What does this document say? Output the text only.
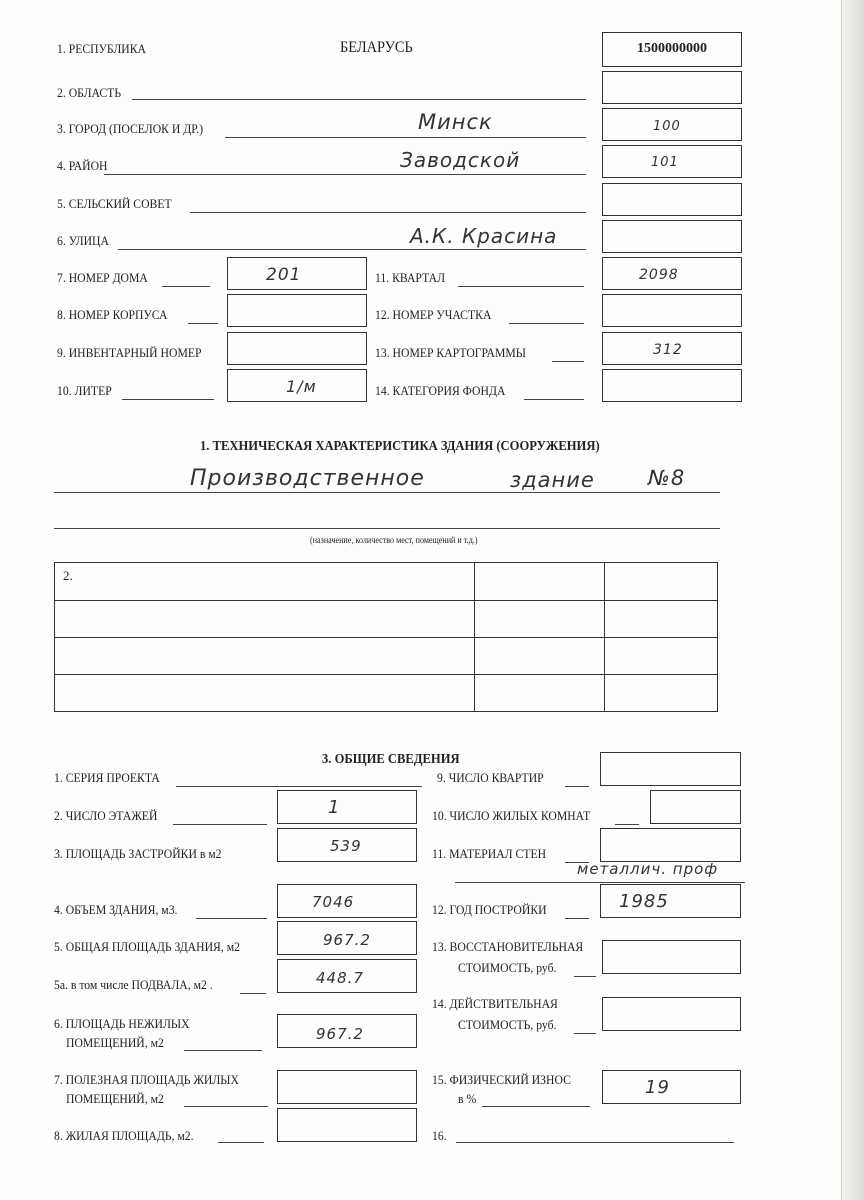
1. РЕСПУБЛИКА	БЕЛАРУСЬ	1500000000
2. ОБЛАСТЬ
3. ГОРОД (ПОСЕЛОК И ДР.)	Минск	100
4. РАЙОН	Заводской	101
5. СЕЛЬСКИЙ СОВЕТ
6. УЛИЦА	А.К. Красина
7. НОМЕР ДОМА	201	11. КВАРТАЛ	2098
8. НОМЕР КОРПУСА	12. НОМЕР УЧАСТКА
9. ИНВЕНТАРНЫЙ НОМЕР	13. НОМЕР КАРТОГРАММЫ	312
10. ЛИТЕР	1/м	14. КАТЕГОРИЯ ФОНДА
1. ТЕХНИЧЕСКАЯ ХАРАКТЕРИСТИКА ЗДАНИЯ (СООРУЖЕНИЯ)
Производственное	здание	№8
(назначение, количество мест, помещений и т.д.)
$_{2.}$		

3. ОБЩИЕ СВЕДЕНИЯ
1. СЕРИЯ ПРОЕКТА	9. ЧИСЛО КВАРТИР
2. ЧИСЛО ЭТАЖЕЙ	1	10. ЧИСЛО ЖИЛЫХ КОМНАТ
3. ПЛОЩАДЬ ЗАСТРОЙКИ в м2	539	11. МАТЕРИАЛ СТЕН
металлич. проф
4. ОБЪЕМ ЗДАНИЯ, м3.	7046	12. ГОД ПОСТРОЙКИ	1985
5. ОБЩАЯ ПЛОЩАДЬ ЗДАНИЯ, м2	967.2	13. ВОССТАНОВИТЕЛЬНАЯ
СТОИМОСТЬ, руб.
5а. в том числе ПОДВАЛА, м2 .	448.7
14. ДЕЙСТВИТЕЛЬНАЯ
СТОИМОСТЬ, руб.
6. ПЛОЩАДЬ НЕЖИЛЫХ
ПОМЕЩЕНИЙ, м2	967.2
7. ПОЛЕЗНАЯ ПЛОЩАДЬ ЖИЛЫХ
ПОМЕЩЕНИЙ, м2
15. ФИЗИЧЕСКИЙ ИЗНОС
в %
19
8. ЖИЛАЯ ПЛОЩАДЬ, м2.	16.
